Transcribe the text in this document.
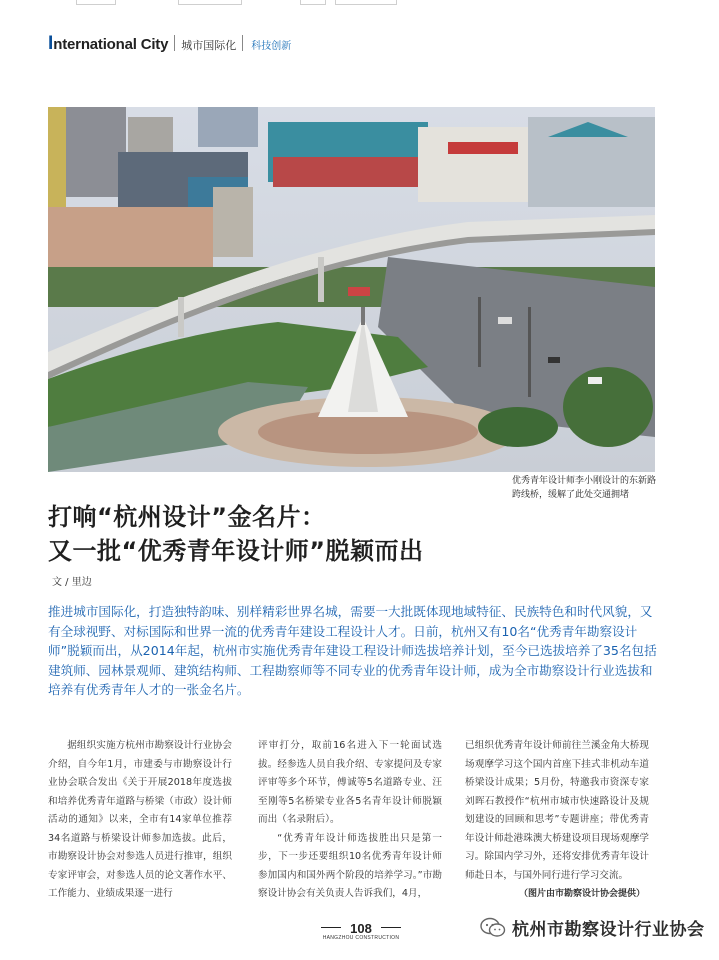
I nternational City 城市国际化 科技创新
优秀青年设计师李小刚设计的东新路跨线桥，缓解了此处交通拥堵
打响“杭州设计”金名片：
又一批“优秀青年设计师”脱颖而出
文 / 里边
推进城市国际化，打造独特韵味、别样精彩世界名城，需要一大批既体现地域特征、民族特色和时代风貌，又有全球视野、对标国际和世界一流的优秀青年建设工程设计人才。日前，杭州又有10名“优秀青年勘察设计师”脱颖而出，从2014年起，杭州市实施优秀青年建设工程设计师选拔培养计划，至今已选拔培养了35名包括建筑师、园林景观师、建筑结构师、工程勘察师等不同专业的优秀青年设计师，成为全市勘察设计行业选拔和培养有优秀青年人才的一张金名片。

据组织实施方杭州市勘察设计行业协会介绍，自今年1月，市建委与市勘察设计行业协会联合发出《关于开展2018年度选拔和培养优秀青年道路与桥梁（市政）设计师活动的通知》以来，全市有14家单位推荐34名道路与桥梁设计师参加选拔。此后，市勘察设计协会对参选人员进行推审，组织专家评审会，对参选人员的论文著作水平、工作能力、业绩成果逐一进行

评审打分，取前16名进入下一轮面试选拔。经参选人员自我介绍、专家提问及专家评审等多个环节，傅诚等5名道路专业、汪至刚等5名桥梁专业各5名青年设计师脱颖而出（名录附后）。

“优秀青年设计师选拔胜出只是第一步，下一步还要组织10名优秀青年设计师参加国内和国外两个阶段的培养学习。”市勘察设计协会有关负责人告诉我们，4月，

已组织优秀青年设计师前往兰溪金角大桥现场观摩学习这个国内首座下挂式非机动车道桥梁设计成果；5月份，特邀我市资深专家刘晖石教授作“杭州市城市快速路设计及规划建设的回顾和思考”专题讲座；带优秀青年设计师赴港珠澳大桥建设项目现场观摩学习。除国内学习外，还将安排优秀青年设计师赴日本，与国外同行进行学习交流。

（图片由市勘察设计协会提供）

108
HANGZHOU CONSTRUCTION	杭州市勘察设计行业协会
